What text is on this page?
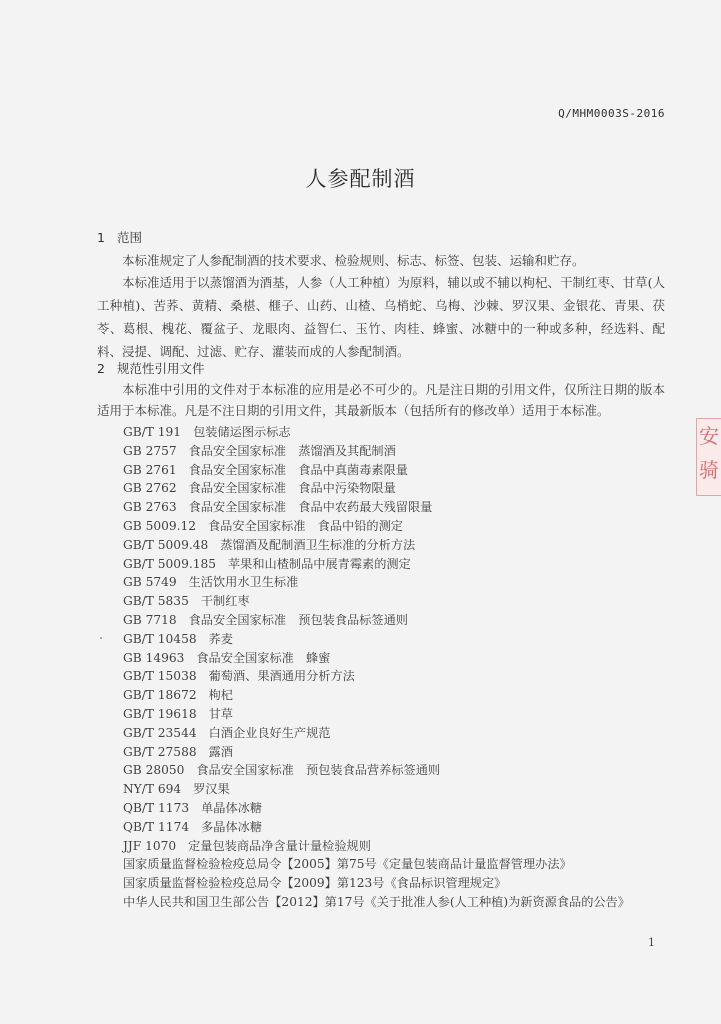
Q/MHM0003S-2016
人参配制酒
1 范围
本标准规定了人参配制酒的技术要求、检验规则、标志、标签、包装、运输和贮存。
本标准适用于以蒸馏酒为酒基，人参（人工种植）为原料，辅以或不辅以枸杞、干制红枣、甘草(人工种植)、苦荞、黄精、桑椹、榧子、山药、山楂、乌梢蛇、乌梅、沙棘、罗汉果、金银花、青果、茯苓、葛根、槐花、覆盆子、龙眼肉、益智仁、玉竹、肉桂、蜂蜜、冰糖中的一种或多种，经选料、配料、浸提、调配、过滤、贮存、灌装而成的人参配制酒。
2 规范性引用文件
本标准中引用的文件对于本标准的应用是必不可少的。凡是注日期的引用文件，仅所注日期的版本适用于本标准。凡是不注日期的引用文件，其最新版本（包括所有的修改单）适用于本标准。
GB/T 191 包装储运图示标志
GB 2757 食品安全国家标准　蒸馏酒及其配制酒
GB 2761 食品安全国家标准　食品中真菌毒素限量
GB 2762 食品安全国家标准　食品中污染物限量
GB 2763 食品安全国家标准　食品中农药最大残留限量
GB 5009.12 食品安全国家标准　食品中铅的测定
GB/T 5009.48 蒸馏酒及配制酒卫生标准的分析方法
GB/T 5009.185 苹果和山楂制品中展青霉素的测定
GB 5749 生活饮用水卫生标准
GB/T 5835 干制红枣
GB 7718 食品安全国家标准　预包装食品标签通则
GB/T 10458 荞麦
GB 14963 食品安全国家标准　蜂蜜
GB/T 15038 葡萄酒、果酒通用分析方法
GB/T 18672 枸杞
GB/T 19618 甘草
GB/T 23544 白酒企业良好生产规范
GB/T 27588 露酒
GB 28050 食品安全国家标准　预包装食品营养标签通则
NY/T 694 罗汉果
QB/T 1173 单晶体冰糖
QB/T 1174 多晶体冰糖
JJF 1070 定量包装商品净含量计量检验规则
国家质量监督检验检疫总局令【2005】第75号《定量包装商品计量监督管理办法》
国家质量监督检验检疫总局令【2009】第123号《食品标识管理规定》
中华人民共和国卫生部公告【2012】第17号《关于批准人参(人工种植)为新资源食品的公告》
1
安
骑
